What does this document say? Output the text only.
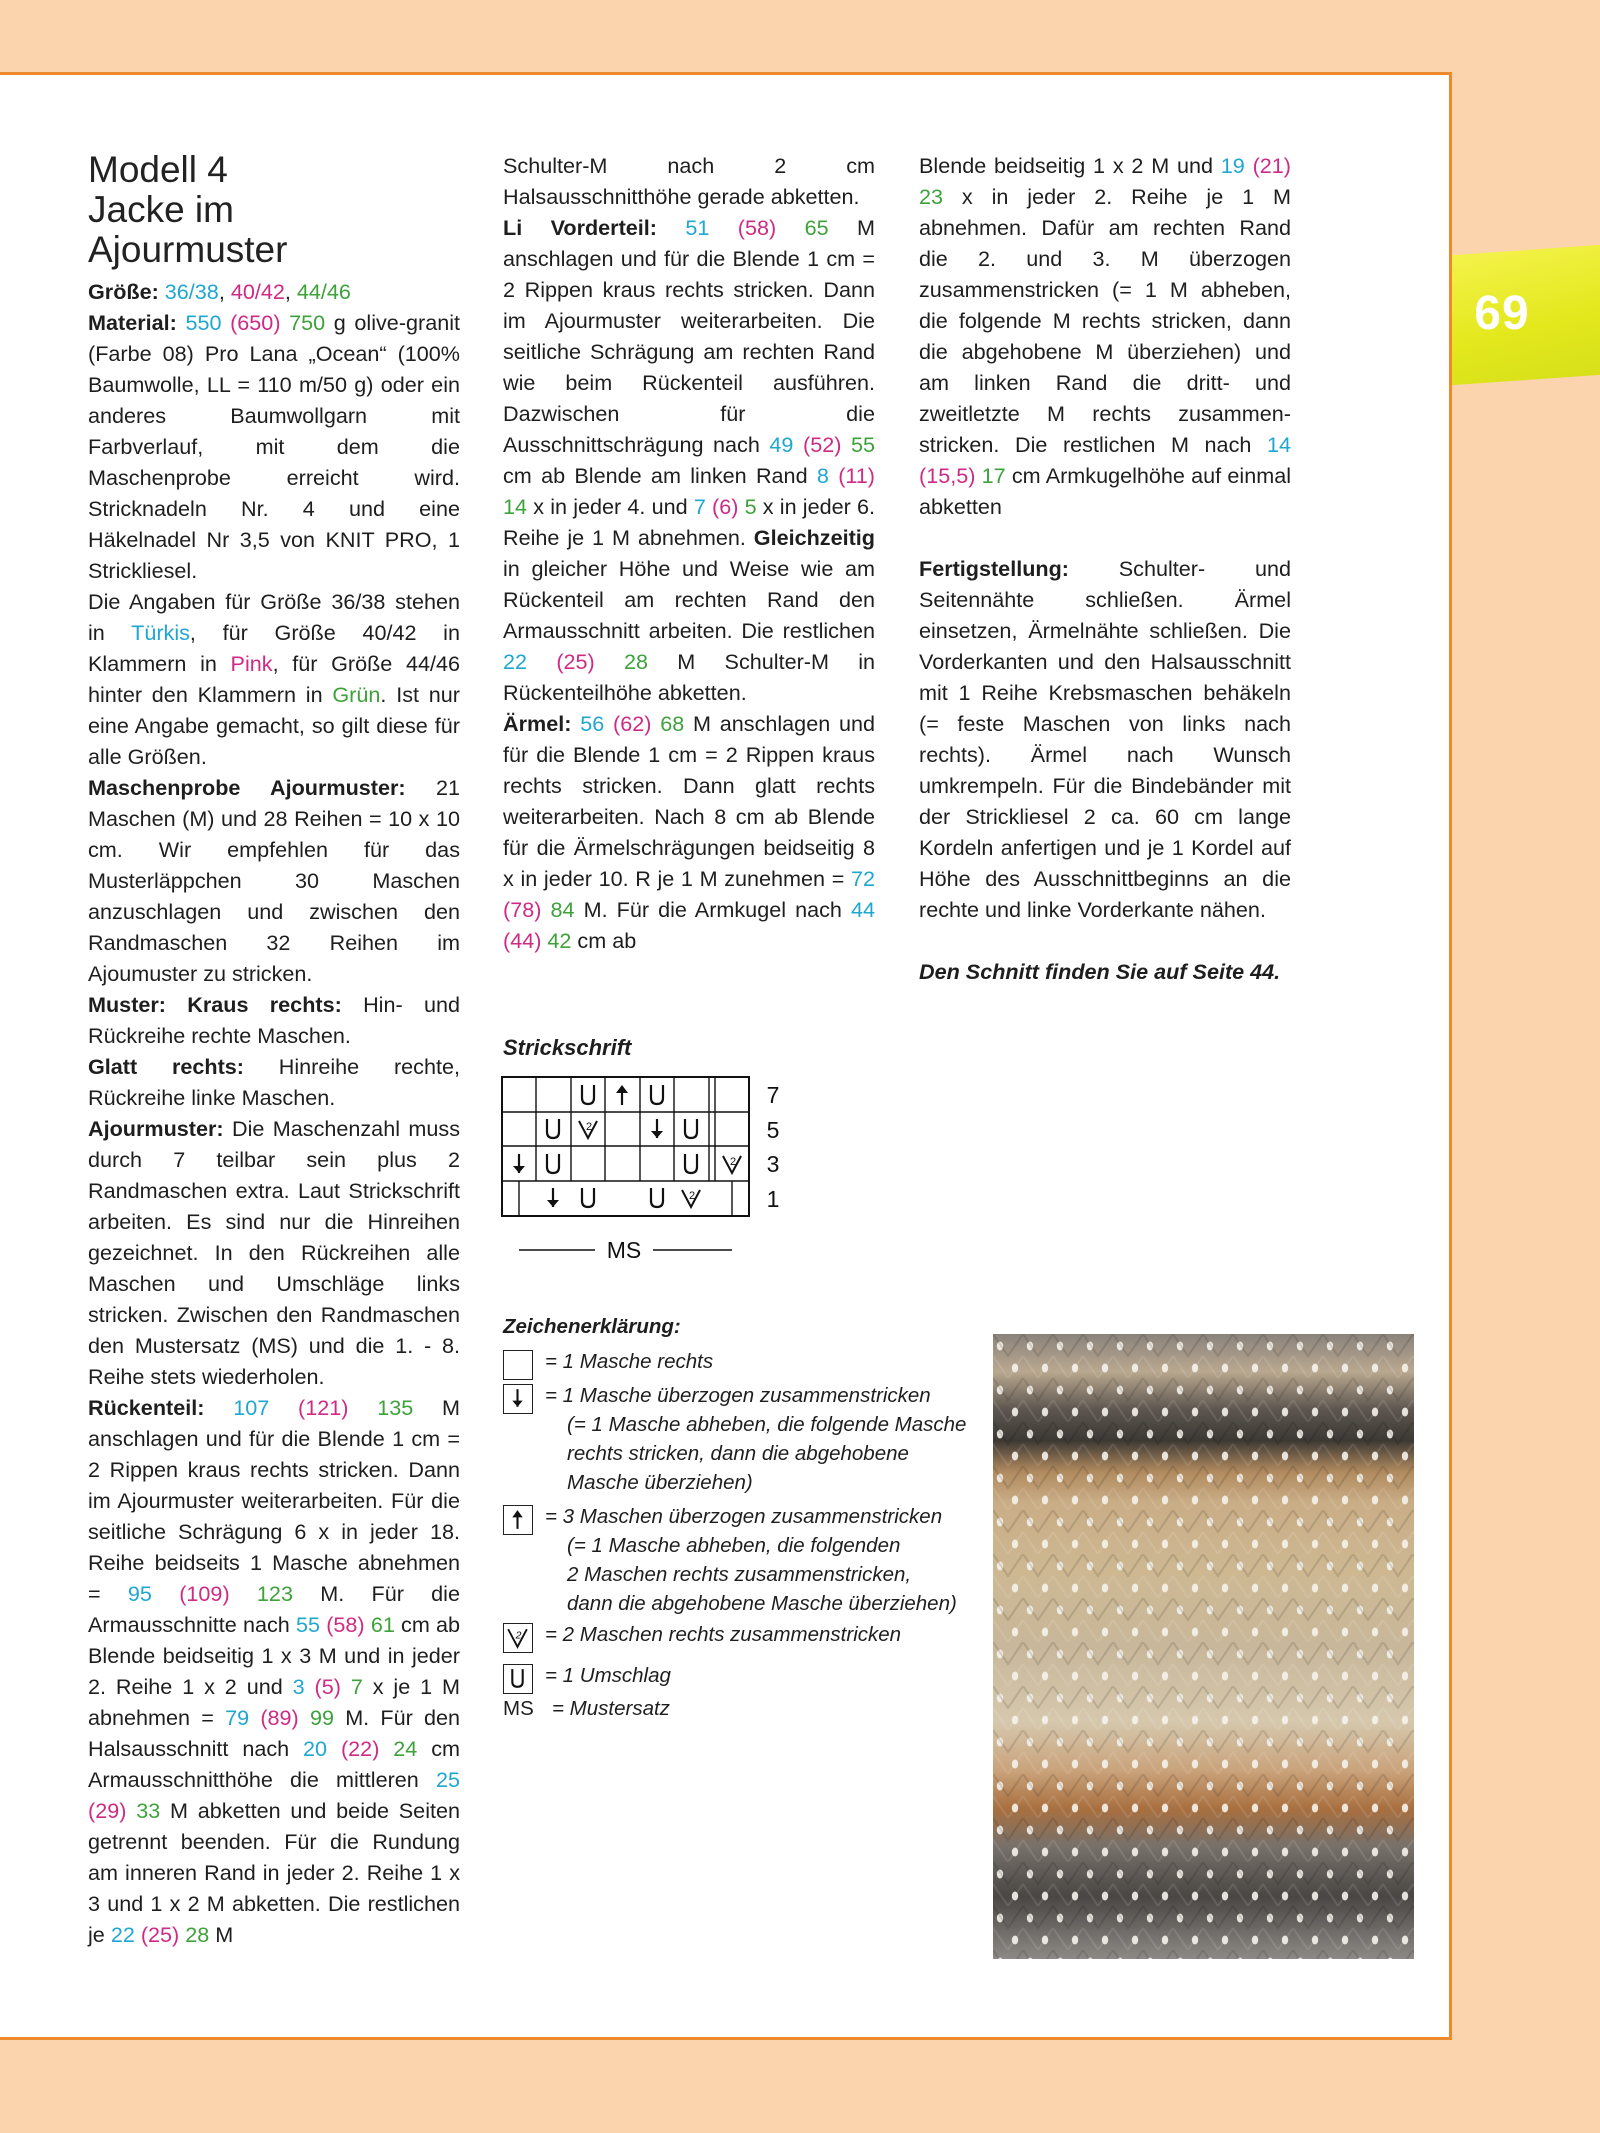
69
Modell 4
Jacke im
Ajourmuster

Größe: 36/38, 40/42, 44/46

Material: 550 (650) 750 g olive-granit (Farbe 08) Pro Lana „Ocean“ (100% Baumwolle, LL = 110 m/50 g) oder ein anderes Baumwollgarn mit Farbverlauf, mit dem die Maschenprobe erreicht wird. Stricknadeln Nr. 4 und eine Häkelnadel Nr 3,5 von KNIT PRO, 1 Strickliesel.

Die Angaben für Größe 36/38 stehen in Türkis, für Größe 40/42 in Klammern in Pink, für Größe 44/46 hinter den Klammern in Grün. Ist nur eine Angabe gemacht, so gilt diese für alle Größen.

Maschenprobe Ajourmuster: 21 Maschen (M) und 28 Reihen = 10 x 10 cm. Wir empfehlen für das Musterläppchen 30 Maschen anzuschlagen und zwischen den Randmaschen 32 Reihen im Ajoumuster zu stricken.

Muster: Kraus rechts: Hin- und Rückreihe rechte Maschen.

Glatt rechts: Hinreihe rechte, Rückreihe linke Maschen.

Ajourmuster: Die Maschenzahl muss durch 7 teilbar sein plus 2 Randmaschen extra. Laut Strickschrift arbeiten. Es sind nur die Hinreihen gezeichnet. In den Rückreihen alle Maschen und Umschläge links stricken. Zwischen den Randmaschen den Mustersatz (MS) und die 1. - 8. Reihe stets wiederholen.

Rückenteil: 107 (121) 135 M anschlagen und für die Blende 1 cm = 2 Rippen kraus rechts stricken. Dann im Ajourmuster weiterarbeiten. Für die seitliche Schrägung 6 x in jeder 18. Reihe beidseits 1 Masche abnehmen = 95 (109) 123 M. Für die Armausschnitte nach 55 (58) 61 cm ab Blende beidseitig 1 x 3 M und in jeder 2. Reihe 1 x 2 und 3 (5) 7 x je 1 M abnehmen = 79 (89) 99 M. Für den Halsausschnitt nach 20 (22) 24 cm Armausschnitthöhe die mittleren 25 (29) 33 M abketten und beide Seiten getrennt beenden. Für die Rundung am inneren Rand in jeder 2. Reihe 1 x 3 und 1 x 2 M abketten. Die restlichen je 22 (25) 28 M

Schulter-M nach 2 cm Halsausschnitthöhe gerade abketten.

Li Vorderteil: 51 (58) 65 M anschlagen und für die Blende 1 cm = 2 Rippen kraus rechts stricken. Dann im Ajourmuster weiterarbeiten. Die seitliche Schrägung am rechten Rand wie beim Rückenteil ausführen. Dazwischen für die Ausschnittschrägung nach 49 (52) 55 cm ab Blende am linken Rand 8 (11) 14 x in jeder 4. und 7 (6) 5 x in jeder 6. Reihe je 1 M abnehmen. Gleichzeitig in gleicher Höhe und Weise wie am Rückenteil am rechten Rand den Armausschnitt arbeiten. Die restlichen 22 (25) 28 M Schulter-M in Rückenteilhöhe abketten.

Ärmel: 56 (62) 68 M anschlagen und für die Blende 1 cm = 2 Rippen kraus rechts stricken. Dann glatt rechts weiterarbeiten. Nach 8 cm ab Blende für die Ärmelschrägungen beidseitig 8 x in jeder 10. R je 1 M zunehmen = 72 (78) 84 M. Für die Armkugel nach 44 (44) 42 cm ab

Blende beidseitig 1 x 2 M und 19 (21) 23 x in jeder 2. Reihe je 1 M abnehmen. Dafür am rechten Rand die 2. und 3. M überzogen zusammenstricken (= 1 M abheben, die folgende M rechts stricken, dann die abgehobene M überziehen) und am linken Rand die dritt- und zweitletzte M rechts zusammen-stricken. Die restlichen M nach 14 (15,5) 17 cm Armkugelhöhe auf einmal abketten

Fertigstellung: Schulter- und Seitennähte schließen. Ärmel einsetzen, Ärmelnähte schließen. Die Vorderkanten und den Halsausschnitt mit 1 Reihe Krebsmaschen behäkeln (= feste Maschen von links nach rechts). Ärmel nach Wunsch umkrempeln. Für die Bindebänder mit der Strickliesel 2 ca. 60 cm lange Kordeln anfertigen und je 1 Kordel auf Höhe des Ausschnittbeginns an die rechte und linke Vorderkante nähen.

Den Schnitt finden Sie auf Seite 44.

Strickschrift
MS
7
5
3
1
Zeichenerklärung:
= 1 Masche rechts
= 1 Masche überzogen zusammenstricken
(= 1 Masche abheben, die folgende Masche
rechts stricken, dann die abgehobene
Masche überziehen)
= 3 Maschen überzogen zusammenstricken
(= 1 Masche abheben, die folgenden
2 Maschen rechts zusammenstricken,
dann die abgehobene Masche überziehen)
2 = 2 Maschen rechts zusammenstricken
= 1 Umschlag
MS = Mustersatz
